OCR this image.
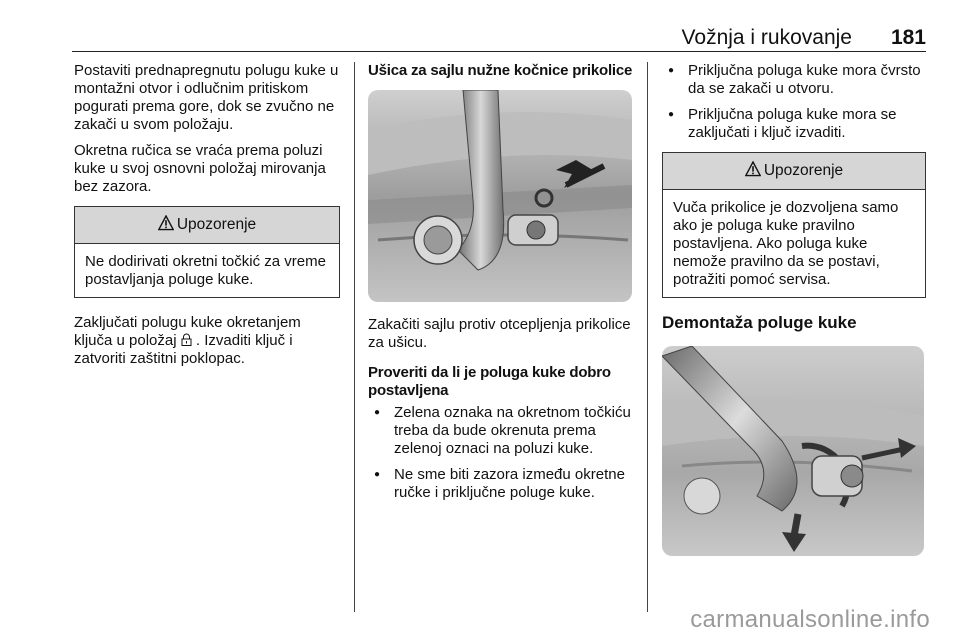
Vožnja i rukovanje 181

Postaviti prednapregnutu polugu kuke u montažni otvor i odlučnim pritiskom pogurati prema gore, dok se zvučno ne zakači u svom položaju.

Okretna ručica se vraća prema poluzi kuke u svoj osnovni položaj mirovanja bez zazora.

Upozorenje
Ne dodirivati okretni točkić za vreme postavljanja poluge kuke.

Zaključati polugu kuke okretanjem ključa u položaj . Izvaditi ključ i zatvoriti zaštitni poklopac.

Ušica za sajlu nužne kočnice prikolice

Zakačiti sajlu protiv otcepljenja prikolice za ušicu.

Proveriti da li je poluga kuke dobro postavljena

● Zelena oznaka na okretnom točkiću treba da bude okrenuta prema zelenoj oznaci na poluzi kuke.
● Ne sme biti zazora između okretne ručke i priključne poluge kuke.
● Priključna poluga kuke mora čvrsto da se zakači u otvoru.
● Priključna poluga kuke mora se zaključati i ključ izvaditi.
Upozorenje
Vuča prikolice je dozvoljena samo ako je poluga kuke pravilno postavljena. Ako poluga kuke nemože pravilno da se postavi, potražiti pomoć servisa.
Demontaža poluge kuke
carmanualsonline.info
